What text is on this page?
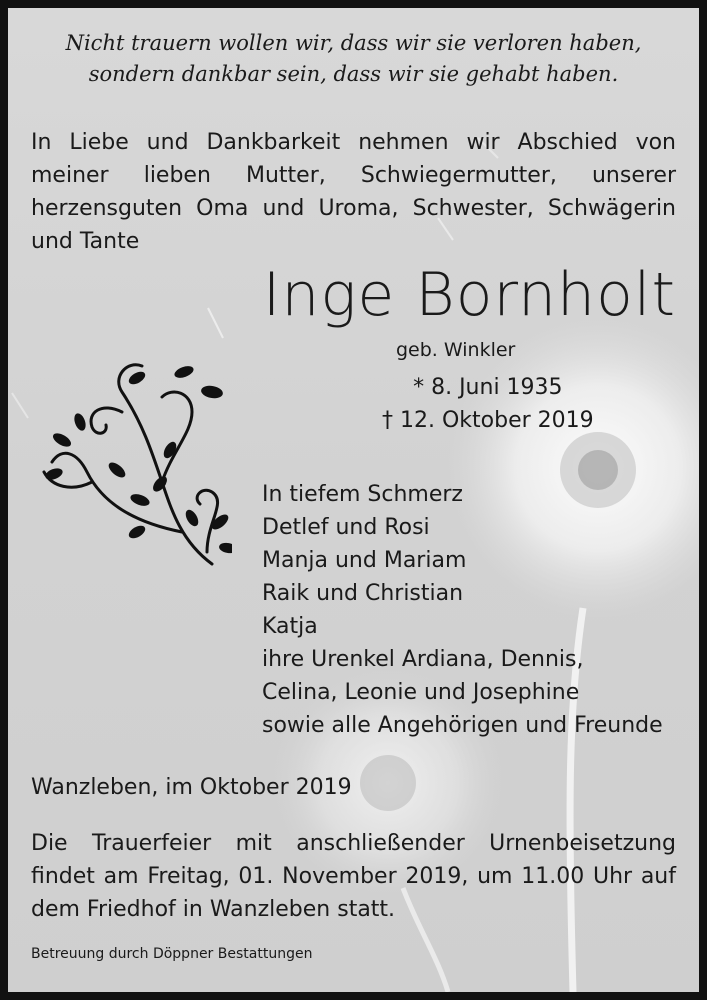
Nicht trauern wollen wir, dass wir sie verloren haben,
sondern dankbar sein, dass wir sie gehabt haben.

In Liebe und Dankbarkeit nehmen wir Abschied von meiner lieben Mutter, Schwiegermutter, unserer herzensguten Oma und Uroma, Schwester, Schwägerin und Tante

Inge Bornholt
geb. Winkler
* 8. Juni 1935
† 12. Oktober 2019
In tiefem Schmerz
Detlef und Rosi
Manja und Mariam
Raik und Christian
Katja
ihre Urenkel Ardiana, Dennis,
Celina, Leonie und Josephine
sowie alle Angehörigen und Freunde
Wanzleben, im Oktober 2019

Die Trauerfeier mit anschließender Urnenbeisetzung findet am Freitag, 01. November 2019, um 11.00 Uhr auf dem Friedhof in Wanzleben statt.

Betreuung durch Döppner Bestattungen
